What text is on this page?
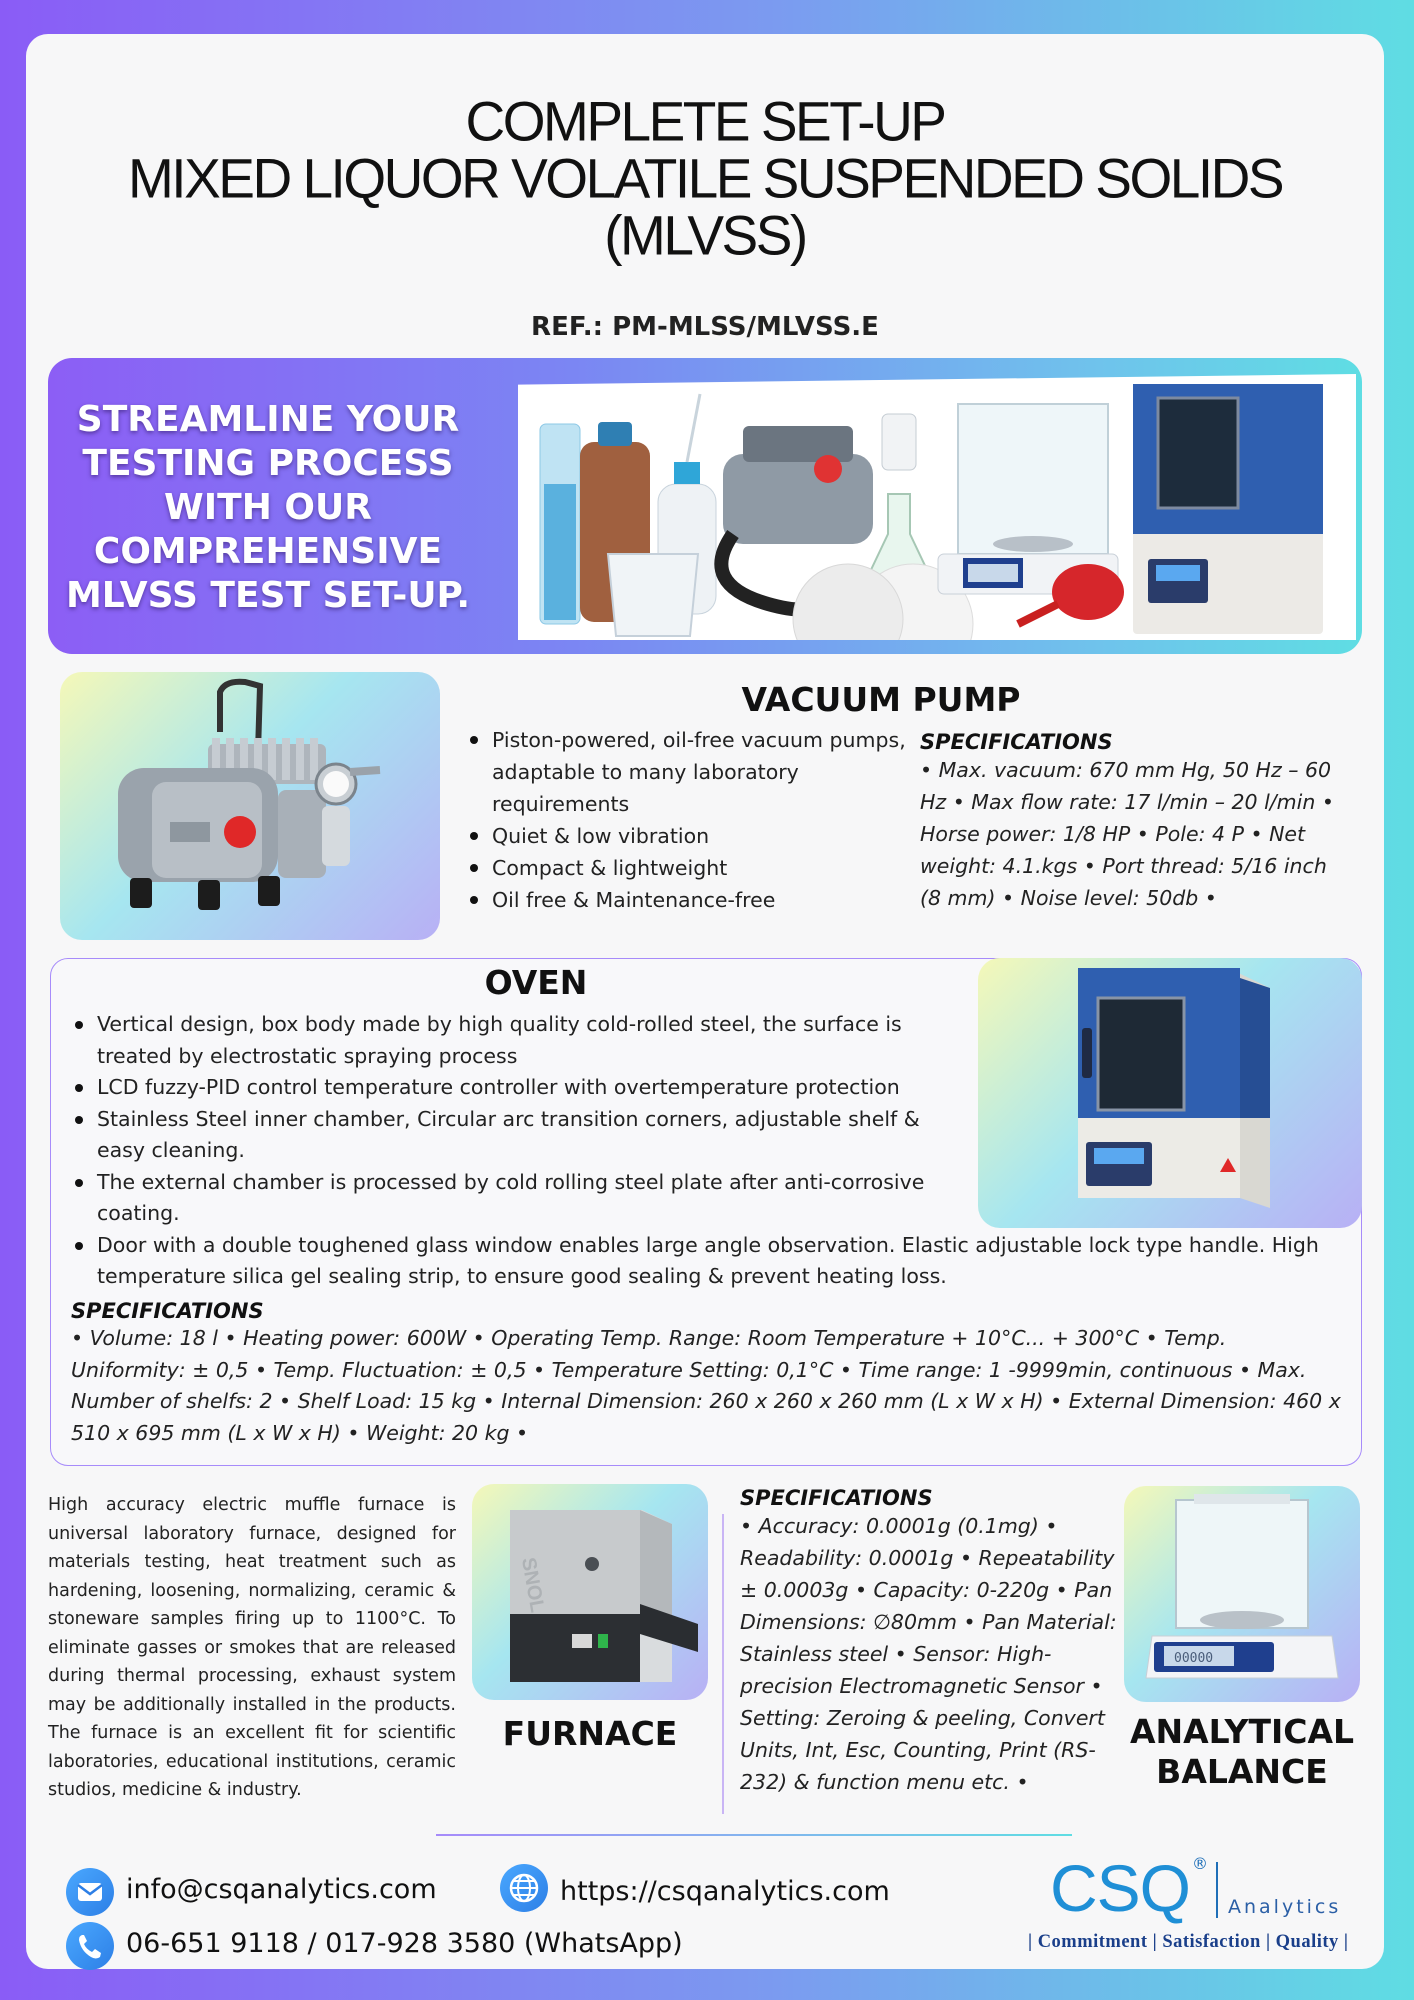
COMPLETE SET-UP
MIXED LIQUOR VOLATILE SUSPENDED SOLIDS
(MLVSS)
REF.: PM-MLSS/MLVSS.E
STREAMLINE YOUR
TESTING PROCESS
WITH OUR
COMPREHENSIVE
MLVSS TEST SET-UP.
VACUUM PUMP
Piston-powered, oil-free vacuum pumps, adaptable to many laboratory requirements
Quiet & low vibration
Compact & lightweight
Oil free & Maintenance-free
SPECIFICATIONS
• Max. vacuum: 670 mm Hg, 50 Hz – 60 Hz • Max flow rate: 17 l/min – 20 l/min • Horse power: 1/8 HP • Pole: 4 P • Net weight: 4.1.kgs • Port thread: 5/16 inch (8 mm) • Noise level: 50db •
OVEN
Vertical design, box body made by high quality cold-rolled steel, the surface is treated by electrostatic spraying process
LCD fuzzy-PID control temperature controller with overtemperature protection
Stainless Steel inner chamber, Circular arc transition corners, adjustable shelf & easy cleaning.
The external chamber is processed by cold rolling steel plate after anti-corrosive coating.
Door with a double toughened glass window enables large angle observation. Elastic adjustable lock type handle. High temperature silica gel sealing strip, to ensure good sealing & prevent heating loss.
SPECIFICATIONS
• Volume: 18 l • Heating power: 600W • Operating Temp. Range: Room Temperature + 10°C... + 300°C • Temp. Uniformity: ± 0,5 • Temp. Fluctuation: ± 0,5 • Temperature Setting: 0,1°C • Time range: 1 -9999min, continuous • Max. Number of shelfs: 2 • Shelf Load: 15 kg • Internal Dimension: 260 x 260 x 260 mm (L x W x H) • External Dimension: 460 x 510 x 695 mm (L x W x H) • Weight: 20 kg •
High accuracy electric muffle furnace is universal laboratory furnace, designed for materials testing, heat treatment such as hardening, loosening, normalizing, ceramic & stoneware samples firing up to 1100°C. To eliminate gasses or smokes that are released during thermal processing, exhaust system may be additionally installed in the products. The furnace is an excellent fit for scientific laboratories, educational institutions, ceramic studios, medicine & industry.
SNOL
FURNACE
SPECIFICATIONS
• Accuracy: 0.0001g (0.1mg) • Readability: 0.0001g • Repeatability ± 0.0003g • Capacity: 0-220g • Pan Dimensions: ∅80mm • Pan Material: Stainless steel • Sensor: High-precision Electromagnetic Sensor • Setting: Zeroing & peeling, Convert Units, Int, Esc, Counting, Print (RS-232) & function menu etc. •
00000
ANALYTICAL
BALANCE
info@csqanalytics.com	https://csqanalytics.com
06-651 9118 / 017-928 3580 (WhatsApp)
CSQ ®
Analytics
| Commitment | Satisfaction | Quality |
